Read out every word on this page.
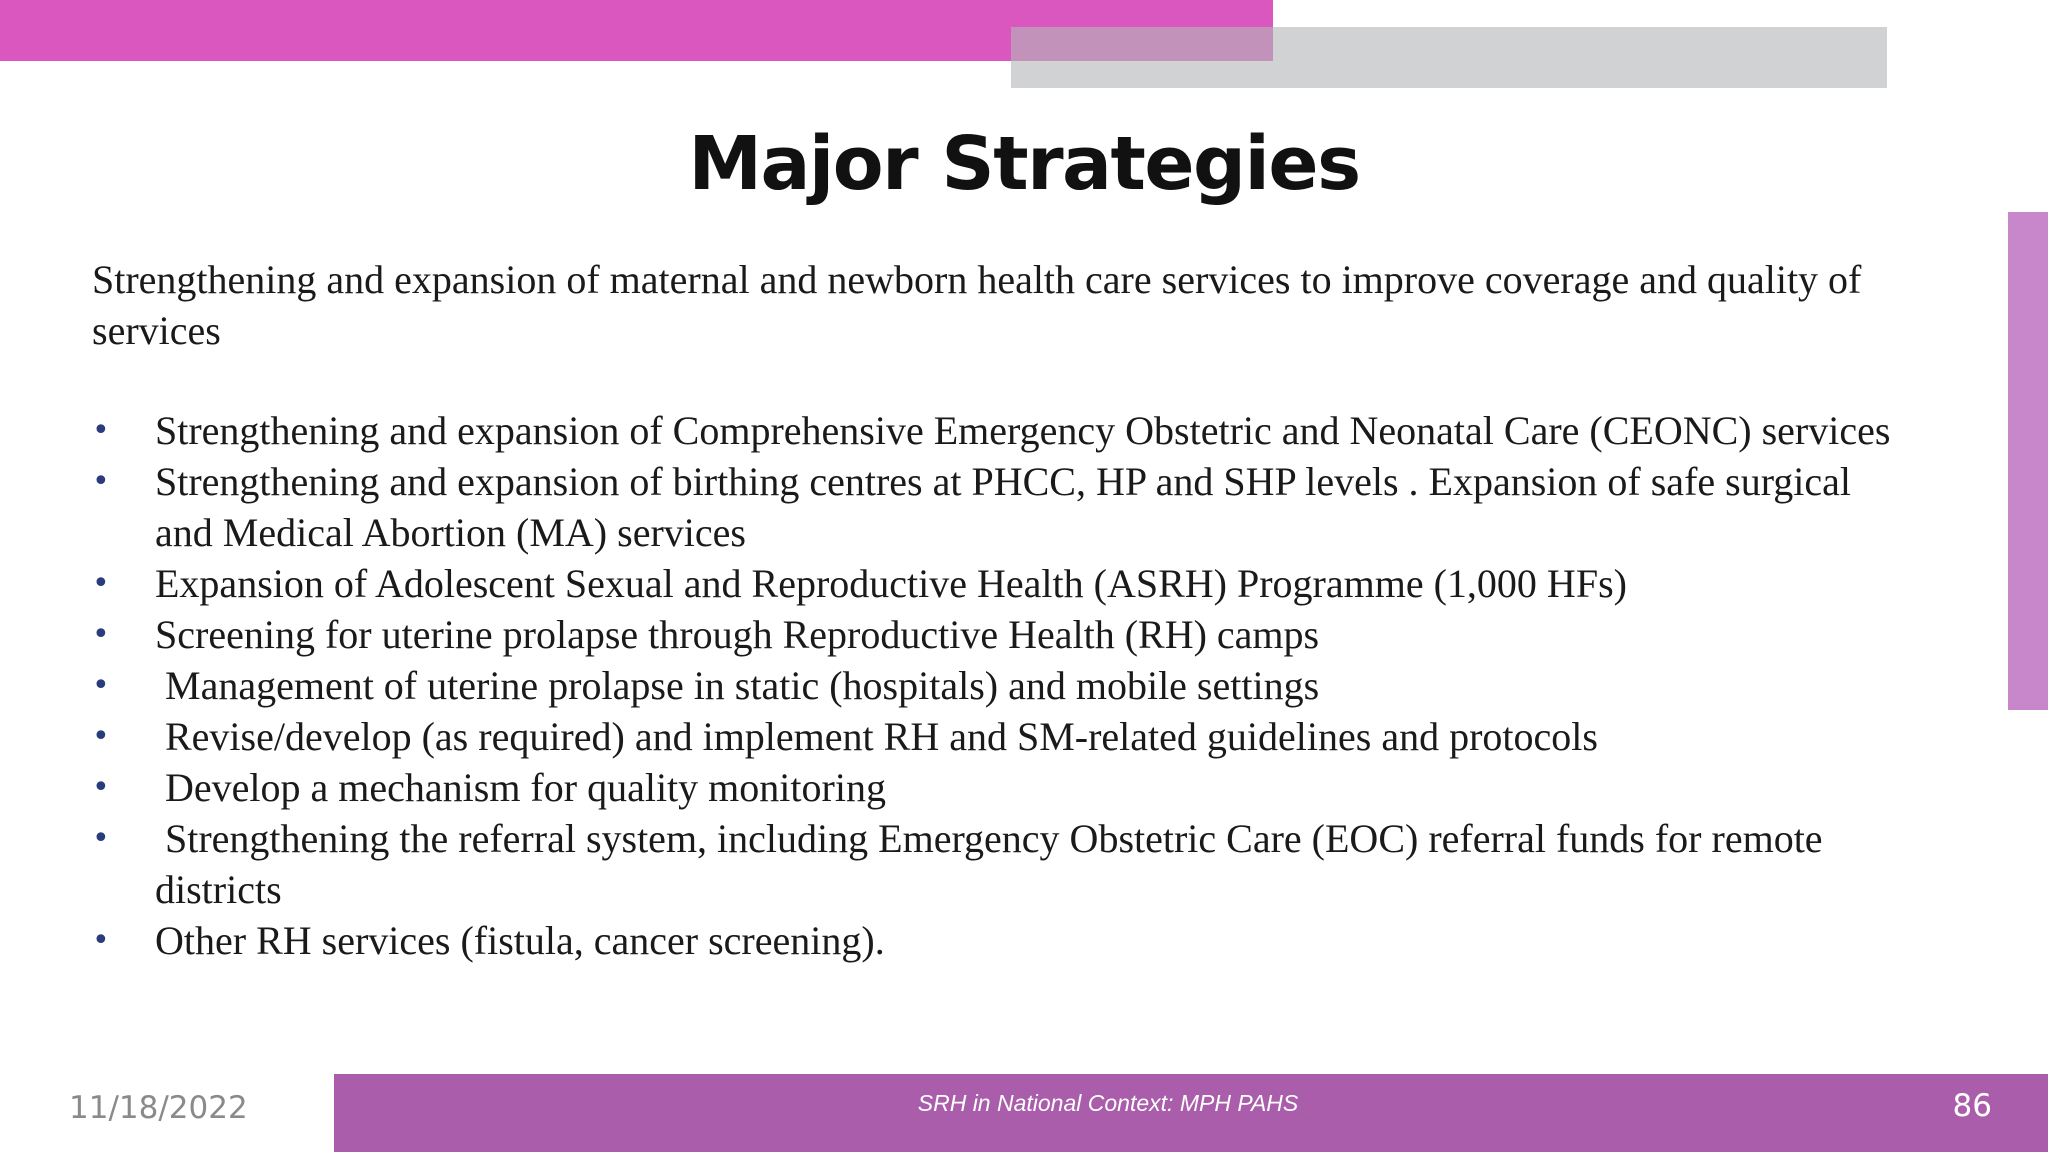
Major Strategies

Strengthening and expansion of maternal and newborn health care services to improve coverage and quality of services

• Strengthening and expansion of Comprehensive Emergency Obstetric and Neonatal Care (CEONC) services
• Strengthening and expansion of birthing centres at PHCC, HP and SHP levels . Expansion of safe surgical and Medical Abortion (MA) services
• Expansion of Adolescent Sexual and Reproductive Health (ASRH) Programme (1,000 HFs)
• Screening for uterine prolapse through Reproductive Health (RH) camps
• Management of uterine prolapse in static (hospitals) and mobile settings
• Revise/develop (as required) and implement RH and SM-related guidelines and protocols
• Develop a mechanism for quality monitoring
• Strengthening the referral system, including Emergency Obstetric Care (EOC) referral funds for remote districts
• Other RH services (fistula, cancer screening).
11/18/2022	SRH in National Context: MPH PAHS	86
